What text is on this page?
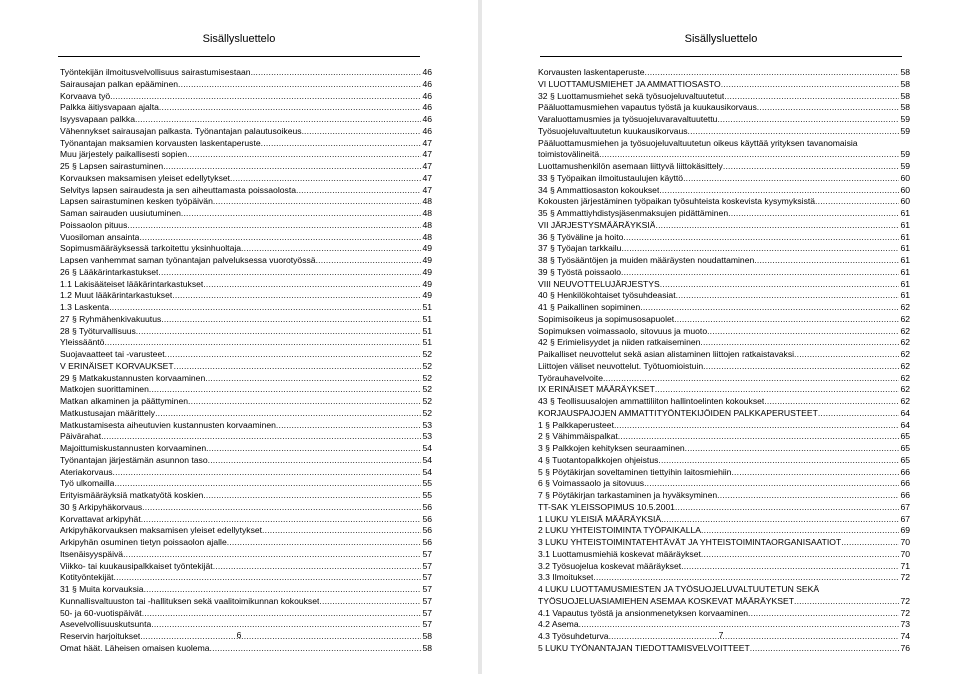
Sisällysluettelo
Työntekijän ilmoitusvelvollisuus sairastumisestaan. .....	46
Sairausajan palkan epääminen .....	46
Korvaava työ .....	46
Palkka äitiysvapaan ajalta .....	46
Isyysvapaan palkka .....	46
Vähennykset sairausajan palkasta. Työnantajan palautusoikeus. .....	46
Työnantajan maksamien korvausten laskentaperuste .....	47
Muu järjestely paikallisesti sopien .....	47
25 § Lapsen sairastuminen .....	47
Korvauksen maksamisen yleiset edellytykset .....	47
Selvitys lapsen sairaudesta ja sen aiheuttamasta poissaolosta .....	47
Lapsen sairastuminen kesken työpäivän .....	48
Saman sairauden uusiutuminen .....	48
Poissaolon pituus .....	48
Vuosiloman ansainta .....	48
Sopimusmääräyksessä tarkoitettu yksinhuoltaja .....	49
Lapsen vanhemmat saman työnantajan palveluksessa vuorotyössä .....	49
26 § Lääkärintarkastukset .....	49
1.1 Lakisääteiset lääkärintarkastukset .....	49
1.2 Muut lääkärintarkastukset .....	49
1.3 Laskenta .....	51
27 § Ryhmähenkivakuutus .....	51
28 § Työturvallisuus .....	51
Yleissääntö .....	51
Suojavaatteet tai -varusteet .....	52
V ERINÄISET KORVAUKSET .....	52
29 § Matkakustannusten korvaaminen .....	52
Matkojen suorittaminen .....	52
Matkan alkaminen ja päättyminen .....	52
Matkustusajan määrittely .....	52
Matkustamisesta aiheutuvien kustannusten korvaaminen .....	53
Päivärahat .....	53
Majoittumiskustannusten korvaaminen .....	54
Työnantajan järjestämän asunnon taso .....	54
Ateriakorvaus .....	54
Työ ulkomailla .....	55
Erityismääräyksiä matkatyötä koskien .....	55
30 § Arkipyhäkorvaus .....	56
Korvattavat arkipyhät .....	56
Arkipyhäkorvauksen maksamisen yleiset edellytykset .....	56
Arkipyhän osuminen tietyn poissaolon ajalle .....	56
Itsenäisyyspäivä .....	57
Viikko- tai kuukausipalkkaiset työntekijät .....	57
Kotityöntekijät .....	57
31 § Muita korvauksia .....	57
Kunnallisvaltuuston tai -hallituksen sekä vaalitoimikunnan kokoukset .....	57
50- ja 60-vuotispäivät .....	57
Asevelvollisuuskutsunta .....	57
Reservin harjoitukset .....	58
Omat häät. Läheisen omaisen kuolema .....	58
6
Sisällysluettelo
Korvausten laskentaperuste .....	58
VI LUOTTAMUSMIEHET JA AMMATTIOSASTO .....	58
32 § Luottamusmiehet sekä työsuojeluvaltuutetut .....	58
Pääluottamusmiehen vapautus työstä ja kuukausikorvaus .....	58
Varaluottamusmies ja työsuojeluvaravaltuutettu .....	59
Työsuojeluvaltuutetun kuukausikorvaus .....	59
Pääluottamusmiehen ja työsuojeluvaltuutetun oikeus käyttää yrityksen tavanomaisia
toimistovälineitä .....	59
Luottamushenkilön asemaan liittyvä liittokäsittely .....	59
33 § Työpaikan ilmoitustaulujen käyttö .....	60
34 § Ammattiosaston kokoukset .....	60
Kokousten järjestäminen työpaikan työsuhteista koskevista kysymyksistä .....	60
35 § Ammattiyhdistysjäsenmaksujen pidättäminen .....	61
VII JÄRJESTYSMÄÄRÄYKSIÄ .....	61
36 § Työväline ja hoito .....	61
37 § Työajan tarkkailu .....	61
38 § Työsääntöjen ja muiden määräysten noudattaminen .....	61
39 § Työstä poissaolo .....	61
VIII NEUVOTTELUJÄRJESTYS .....	61
40 § Henkilökohtaiset työsuhdeasiat .....	61
41 § Paikallinen sopiminen .....	62
Sopimisoikeus ja sopimusosapuolet .....	62
Sopimuksen voimassaolo, sitovuus ja muoto .....	62
42 § Erimielisyydet ja niiden ratkaiseminen .....	62
Paikalliset neuvottelut sekä asian alistaminen liittojen ratkaistavaksi .....	62
Liittojen väliset neuvottelut. Työtuomioistuin .....	62
Työrauhavelvoite .....	62
IX ERINÄISET MÄÄRÄYKSET .....	62
43 § Teollisuusalojen ammattiliiton hallintoelinten kokoukset .....	62
KORJAUSPAJOJEN AMMATTITYÖNTEKIJÖIDEN PALKKAPERUSTEET .....	64
1 § Palkkaperusteet .....	64
2 § Vähimmäispalkat .....	65
3 § Palkkojen kehityksen seuraaminen .....	65
4 § Tuotantopalkkojen ohjeistus .....	65
5 § Pöytäkirjan soveltaminen tiettyihin laitosmiehiin .....	66
6 § Voimassaolo ja sitovuus .....	66
7 § Pöytäkirjan tarkastaminen ja hyväksyminen .....	66
TT-SAK YLEISSOPIMUS 10.5.2001 .....	67
1 LUKU YLEISIÄ MÄÄRÄYKSIÄ .....	67
2 LUKU YHTEISTOIMINTA TYÖPAIKALLA .....	69
3 LUKU YHTEISTOIMINTATEHTÄVÄT JA YHTEISTOIMINTAORGANISAATIOT .....	70
3.1 Luottamusmiehiä koskevat määräykset .....	70
3.2 Työsuojelua koskevat määräykset .....	71
3.3 Ilmoitukset .....	72
4 LUKU LUOTTAMUSMIESTEN JA TYÖSUOJELUVALTUUTETUN SEKÄ
TYÖSUOJELUASIAMIEHEN ASEMAA KOSKEVAT MÄÄRÄYKSET .....	72
4.1 Vapautus työstä ja ansionmenetyksen korvaaminen .....	72
4.2 Asema .....	73
4.3 Työsuhdeturva .....	74
5 LUKU TYÖNANTAJAN TIEDOTTAMISVELVOITTEET .....	76
7
